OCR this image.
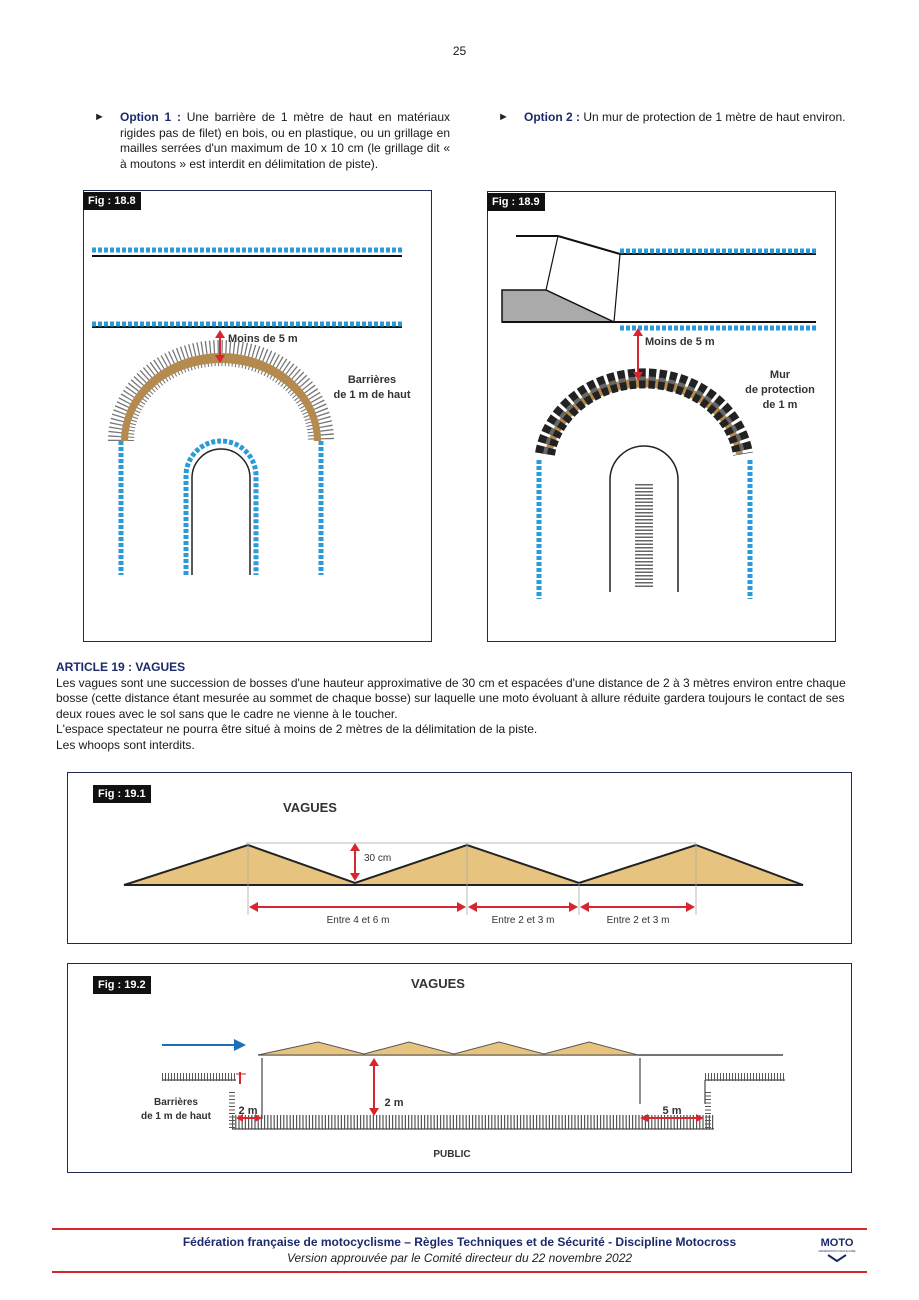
25
► Option 1 : Une barrière de 1 mètre de haut en matériaux rigides pas de filet) en bois, ou en plastique, ou un grillage en mailles serrées d'un maximum de 10 x 10 cm (le grillage dit « à moutons » est interdit en délimitation de piste).
► Option 2 : Un mur de protection de 1 mètre de haut environ.
Fig : 18.8
Moins de 5 m
Barrières
de 1 m de haut
Fig : 18.9
Moins de 5 m
Mur
de protection
de 1 m
ARTICLE 19 : VAGUES
Les vagues sont une succession de bosses d'une hauteur approximative de 30 cm et espacées d'une distance de 2 à 3 mètres environ entre chaque bosse (cette distance étant mesurée au sommet de chaque bosse) sur laquelle une moto évoluant à allure réduite gardera toujours le contact de ses deux roues avec le sol sans que le cadre ne vienne à le toucher.
L'espace spectateur ne pourra être situé à moins de 2 mètres de la délimitation de la piste.
Les whoops sont interdits.
Fig : 19.1
VAGUES
30 cm
Entre 4 et 6 m	Entre 2 et 3 m	Entre 2 et 3 m
Fig : 19.2	VAGUES
Barrières
de 1 m de haut	2 m
2 m
5 m
PUBLIC
Fédération française de motocyclisme – Règles Techniques et de Sécurité - Discipline Motocross
Version approuvée par le Comité directeur du 22 novembre 2022
MOTO
FÉDÉRATION FRANÇAISE
